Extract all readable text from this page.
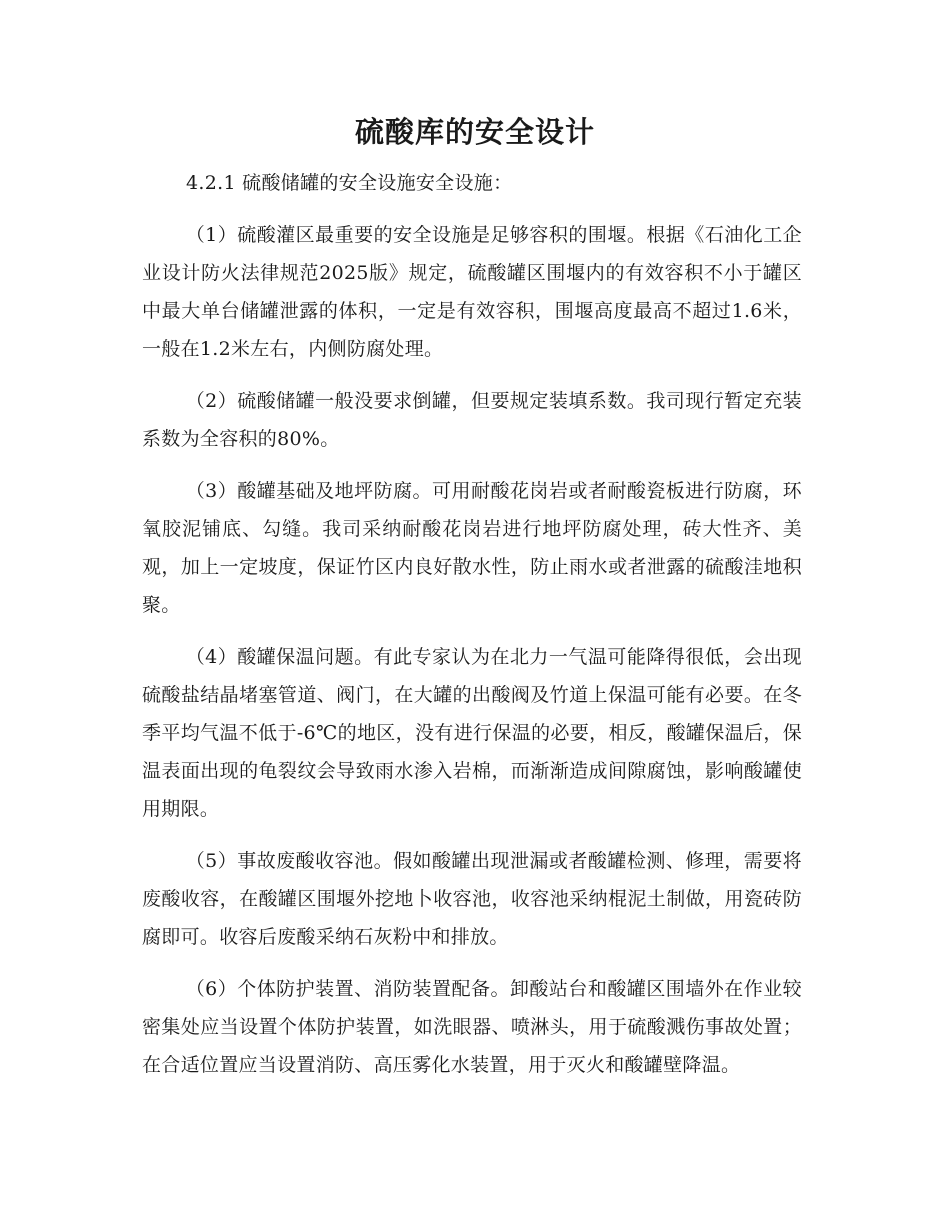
硫酸库的安全设计

4.2.1 硫酸储罐的安全设施安全设施：

（1）硫酸灌区最重要的安全设施是足够容积的围堰。根据《石油化工企业设计防火法律规范2025版》规定，硫酸罐区围堰内的有效容积不小于罐区中最大单台储罐泄露的体积，一定是有效容积，围堰高度最高不超过1.6米，一般在1.2米左右，内侧防腐处理。

（2）硫酸储罐一般没要求倒罐，但要规定装填系数。我司现行暂定充装系数为全容积的80%。

（3）酸罐基础及地坪防腐。可用耐酸花岗岩或者耐酸瓷板进行防腐，环氧胶泥铺底、勾缝。我司采纳耐酸花岗岩进行地坪防腐处理，砖大性齐、美观，加上一定坡度，保证竹区内良好散水性，防止雨水或者泄露的硫酸洼地积聚。

（4）酸罐保温问题。有此专家认为在北力一气温可能降得很低，会出现硫酸盐结晶堵塞管道、阀门，在大罐的出酸阀及竹道上保温可能有必要。在冬季平均气温不低于-6℃的地区，没有进行保温的必要，相反，酸罐保温后，保温表面出现的龟裂纹会导致雨水渗入岩棉，而渐渐造成间隙腐蚀，影响酸罐使用期限。

（5）事故废酸收容池。假如酸罐出现泄漏或者酸罐检测、修理，需要将废酸收容，在酸罐区围堰外挖地卜收容池，收容池采纳棍泥土制做，用瓷砖防腐即可。收容后废酸采纳石灰粉中和排放。

（6）个体防护装置、消防装置配备。卸酸站台和酸罐区围墙外在作业较密集处应当设置个体防护装置，如洗眼器、喷淋头，用于硫酸溅伤事故处置；在合适位置应当设置消防、高压雾化水装置，用于灭火和酸罐壁降温。
